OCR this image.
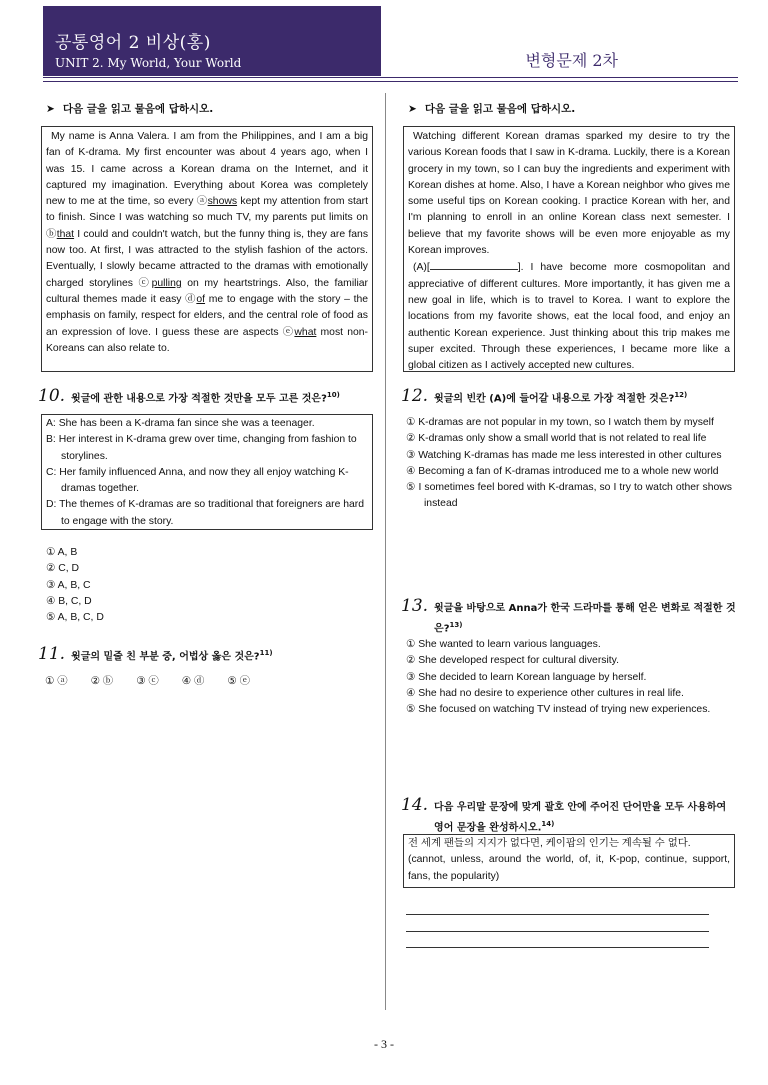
공통영어 2 비상(홍)
UNIT 2. My World, Your World	변형문제 2차
➤ 다음 글을 읽고 물음에 답하시오.

My name is Anna Valera. I am from the Philippines, and I am a big fan of K-drama. My first encounter was about 4 years ago, when I was 15. I came across a Korean drama on the Internet, and it captured my imagination. Everything about Korea was completely new to me at the time, so every ⓐshows kept my attention from start to finish. Since I was watching so much TV, my parents put limits on ⓑthat I could and couldn't watch, but the funny thing is, they are fans now too. At first, I was attracted to the stylish fashion of the actors. Eventually, I slowly became attracted to the dramas with emotionally charged storylines ⓒpulling on my heartstrings. Also, the familiar cultural themes made it easy ⓓof me to engage with the story – the emphasis on family, respect for elders, and the central role of food as an expression of love. I guess these are aspects ⓔwhat most non-Koreans can also relate to.

10. 윗글에 관한 내용으로 가장 적절한 것만을 모두 고른 것은?$^{10)}$
A: She has been a K-drama fan since she was a teenager.
B: Her interest in K-drama grew over time, changing from fashion to storylines.
C: Her family influenced Anna, and now they all enjoy watching K-dramas together.
D: The themes of K-dramas are so traditional that foreigners are hard to engage with the story.
① A, B
② C, D
③ A, B, C
④ B, C, D
⑤ A, B, C, D
11. 윗글의 밑줄 친 부분 중, 어법상 옳은 것은?$^{11)}$
① ⓐ ② ⓑ ③ ⓒ ④ ⓓ ⑤ ⓔ
➤ 다음 글을 읽고 물음에 답하시오.

Watching different Korean dramas sparked my desire to try the various Korean foods that I saw in K-drama. Luckily, there is a Korean grocery in my town, so I can buy the ingredients and experiment with Korean dishes at home. Also, I have a Korean neighbor who gives me some useful tips on Korean cooking. I practice Korean with her, and I'm planning to enroll in an online Korean class next semester. I believe that my favorite shows will be even more enjoyable as my Korean improves.

(A)[	]. I have become more cosmopolitan and appreciative of different cultures. More importantly, it has given me a new goal in life, which is to travel to Korea. I want to explore the locations from my favorite shows, eat the local food, and enjoy an authentic Korean experience. Just thinking about this trip makes me super excited. Through these experiences, I became more like a global citizen as I actively accepted new cultures.

12. 윗글의 빈칸 (A)에 들어갈 내용으로 가장 적절한 것은?$^{12)}$
① K-dramas are not popular in my town, so I watch them by myself
② K-dramas only show a small world that is not related to real life
③ Watching K-dramas has made me less interested in other cultures
④ Becoming a fan of K-dramas introduced me to a whole new world
⑤ I sometimes feel bored with K-dramas, so I try to watch other shows instead
13. 윗글을 바탕으로 Anna가 한국 드라마를 통해 얻은 변화로 적절한 것은?$^{13)}$
① She wanted to learn various languages.
② She developed respect for cultural diversity.
③ She decided to learn Korean language by herself.
④ She had no desire to experience other cultures in real life.
⑤ She focused on watching TV instead of trying new experiences.
14. 다음 우리말 문장에 맞게 괄호 안에 주어진 단어만을 모두 사용하여 영어 문장을 완성하시오.$^{14)}$
전 세계 팬들의 지지가 없다면, 케이팝의 인기는 계속될 수 없다.
(cannot, unless, around the world, of, it, K-pop, continue, support, fans, the popularity)
- 3 -
